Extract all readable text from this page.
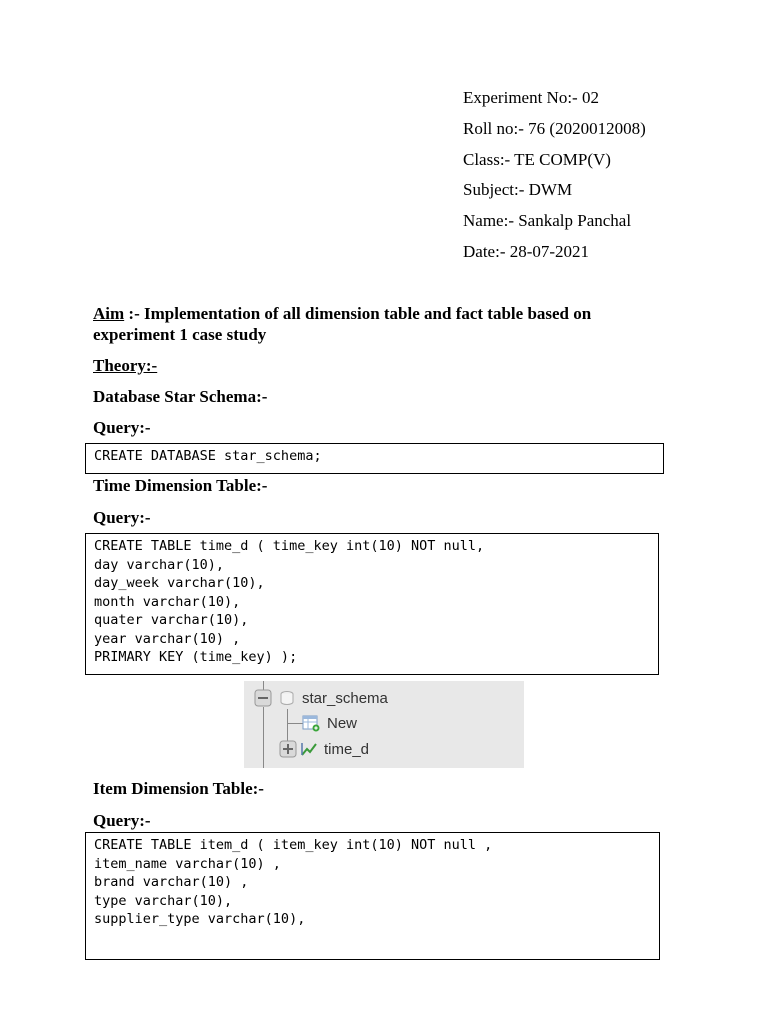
Experiment No:- 02
Roll no:- 76 (2020012008)
Class:- TE COMP(V)
Subject:- DWM
Name:- Sankalp Panchal
Date:- 28-07-2021
Aim :- Implementation of all dimension table and fact table based on
experiment 1 case study
Theory:-
Database Star Schema:-
Query:-
CREATE DATABASE star_schema;
Time Dimension Table:-
Query:-
CREATE TABLE time_d ( time_key int(10) NOT null,
day varchar(10),
day_week varchar(10),
month varchar(10),
quater varchar(10),
year varchar(10) ,
PRIMARY KEY (time_key) );
star_schema
New
time_d
Item Dimension Table:-
Query:-
CREATE TABLE item_d ( item_key int(10) NOT null ,
item_name varchar(10) ,
brand varchar(10) ,
type varchar(10),
supplier_type varchar(10),
